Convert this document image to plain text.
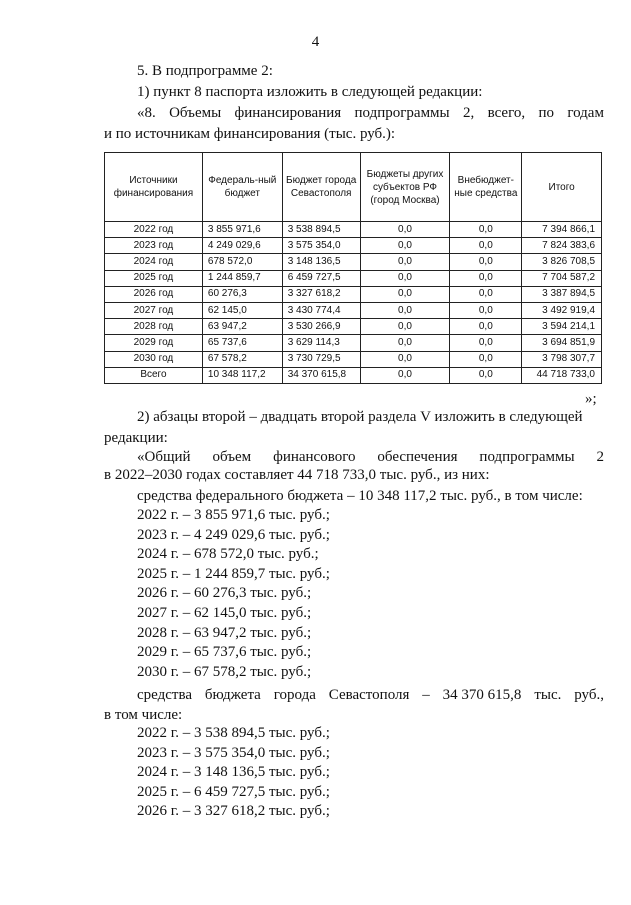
4
5. В подпрограмме 2:
1) пункт 8 паспорта изложить в следующей редакции:
«8. Объемы финансирования подпрограммы 2, всего, по годам
и по источникам финансирования (тыс. руб.):
Источники финансирования	Федераль-ный бюджет	Бюджет города Севастополя	Бюджеты других субъектов РФ (город Москва)	Внебюджет-ные средства	Итого
2022 год	3 855 971,6	3 538 894,5	0,0	0,0	7 394 866,1
2023 год	4 249 029,6	3 575 354,0	0,0	0,0	7 824 383,6
2024 год	678 572,0	3 148 136,5	0,0	0,0	3 826 708,5
2025 год	1 244 859,7	6 459 727,5	0,0	0,0	7 704 587,2
2026 год	60 276,3	3 327 618,2	0,0	0,0	3 387 894,5
2027 год	62 145,0	3 430 774,4	0,0	0,0	3 492 919,4
2028 год	63 947,2	3 530 266,9	0,0	0,0	3 594 214,1
2029 год	65 737,6	3 629 114,3	0,0	0,0	3 694 851,9
2030 год	67 578,2	3 730 729,5	0,0	0,0	3 798 307,7
Всего	10 348 117,2	34 370 615,8	0,0	0,0	44 718 733,0
»;
2) абзацы второй – двадцать второй раздела V изложить в следующей
редакции:
«Общий объем финансового обеспечения подпрограммы 2
в 2022–2030 годах составляет 44 718 733,0 тыс. руб., из них:
средства федерального бюджета – 10 348 117,2 тыс. руб., в том числе:
2022 г. – 3 855 971,6 тыс. руб.;
2023 г. – 4 249 029,6 тыс. руб.;
2024 г. – 678 572,0 тыс. руб.;
2025 г. – 1 244 859,7 тыс. руб.;
2026 г. – 60 276,3 тыс. руб.;
2027 г. – 62 145,0 тыс. руб.;
2028 г. – 63 947,2 тыс. руб.;
2029 г. – 65 737,6 тыс. руб.;
2030 г. – 67 578,2 тыс. руб.;
средства бюджета города Севастополя – 34 370 615,8 тыс. руб.,
в том числе:
2022 г. – 3 538 894,5 тыс. руб.;
2023 г. – 3 575 354,0 тыс. руб.;
2024 г. – 3 148 136,5 тыс. руб.;
2025 г. – 6 459 727,5 тыс. руб.;
2026 г. – 3 327 618,2 тыс. руб.;
